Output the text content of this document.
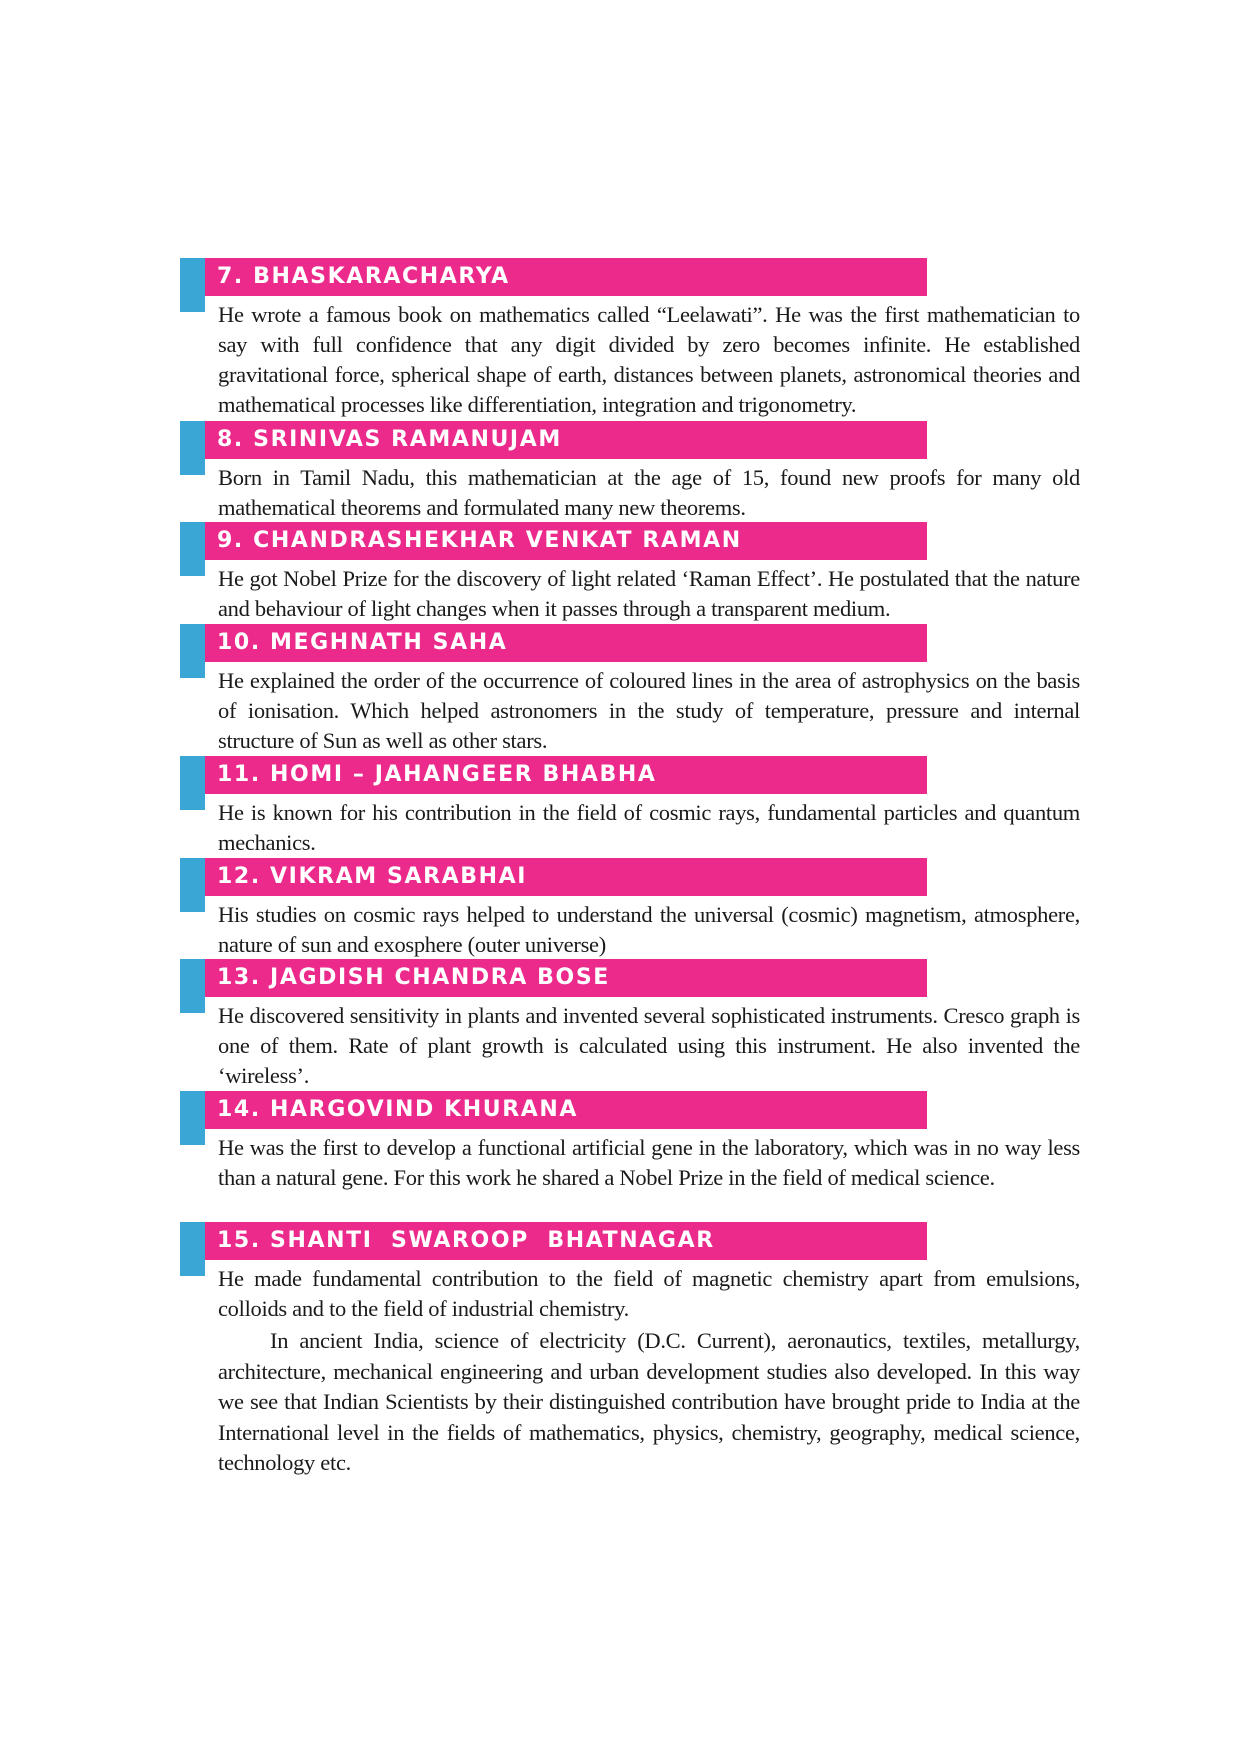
7. BHASKARACHARYA

He wrote a famous book on mathematics called “Leelawati”. He was the first mathematician to say with full confidence that any digit divided by zero becomes infinite. He established gravitational force, spherical shape of earth, distances between planets, astronomical theories and mathematical processes like differentiation, integration and trigonometry.

8. SRINIVAS RAMANUJAM

Born in Tamil Nadu, this mathematician at the age of 15, found new proofs for many old mathematical theorems and formulated many new theorems.

9. CHANDRASHEKHAR VENKAT RAMAN

He got Nobel Prize for the discovery of light related ‘Raman Effect’. He postulated that the nature and behaviour of light changes when it passes through a transparent medium.

10. MEGHNATH SAHA

He explained the order of the occurrence of coloured lines in the area of astrophysics on the basis of ionisation. Which helped astronomers in the study of temperature, pressure and internal structure of Sun as well as other stars.

11. HOMI – JAHANGEER BHABHA

He is known for his contribution in the field of cosmic rays, fundamental particles and quantum mechanics.

12. VIKRAM SARABHAI

His studies on cosmic rays helped to understand the universal (cosmic) magnetism, atmosphere, nature of sun and exosphere (outer universe)

13. JAGDISH CHANDRA BOSE

He discovered sensitivity in plants and invented several sophisticated instruments. Cresco graph is one of them. Rate of plant growth is calculated using this instrument. He also invented the ‘wireless’.

14. HARGOVIND KHURANA

He was the first to develop a functional artificial gene in the laboratory, which was in no way less than a natural gene. For this work he shared a Nobel Prize in the field of medical science.

15. SHANTI  SWAROOP  BHATNAGAR

He made fundamental contribution to the field of magnetic chemistry apart from emulsions, colloids and to the field of industrial chemistry.

In ancient India, science of electricity (D.C. Current), aeronautics, textiles, metallurgy, architecture, mechanical engineering and urban development studies also developed. In this way we see that Indian Scientists by their distinguished contribution have brought pride to India at the International level in the fields of mathematics, physics, chemistry, geography, medical science, technology etc.
